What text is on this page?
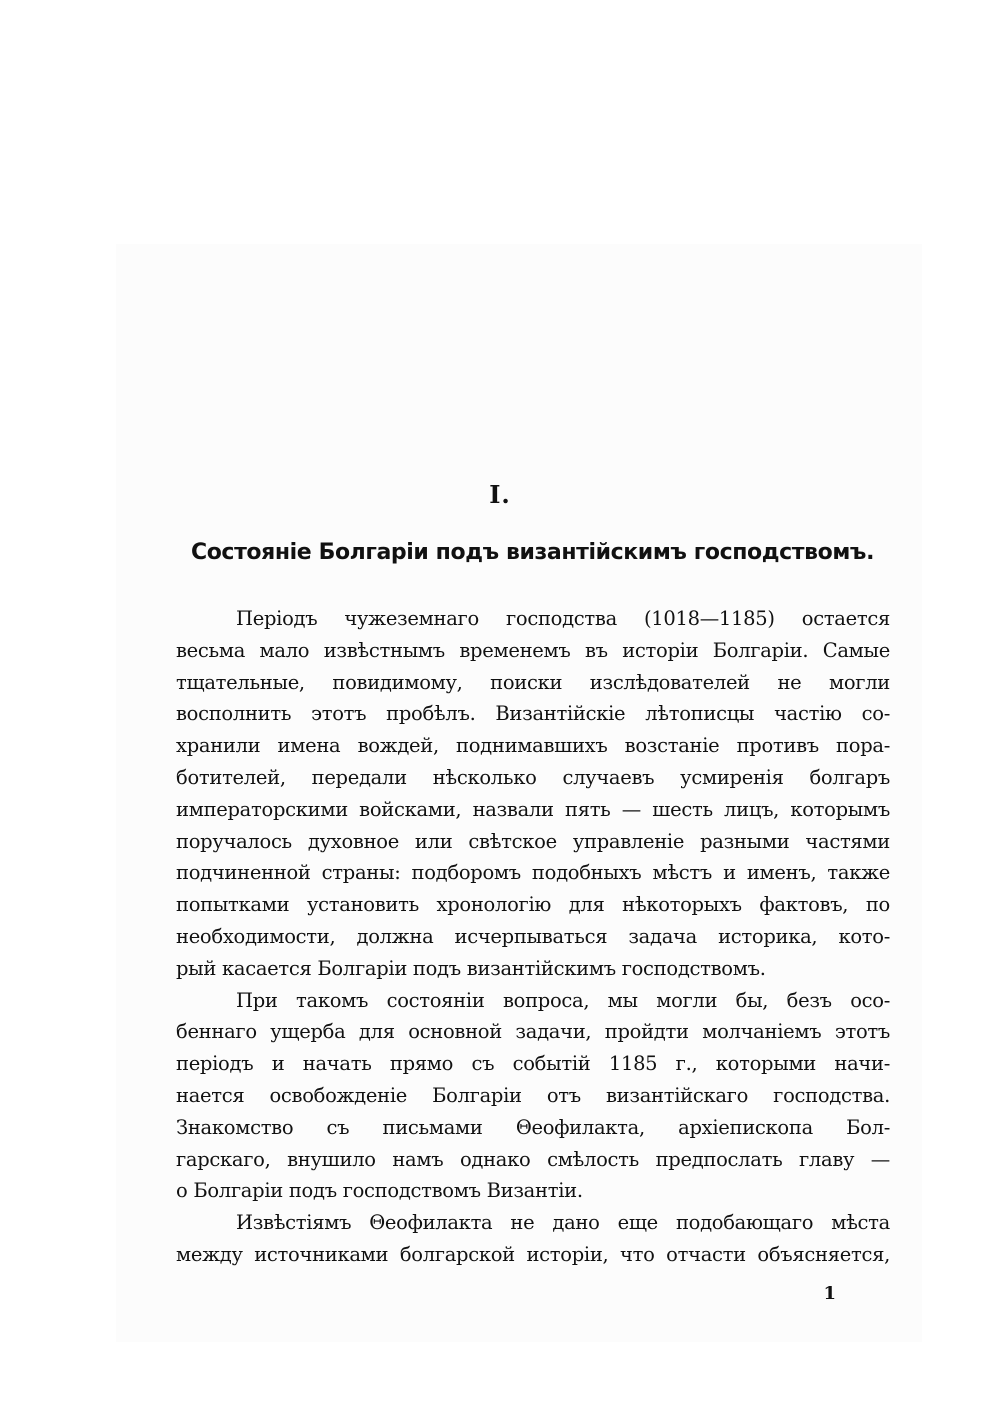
I.
Состояніе Болгаріи подъ византійскимъ господствомъ.
Періодъ чужеземнаго господства (1018—1185) остается
весьма мало извѣстнымъ временемъ въ исторіи Болгаріи. Самые
тщательные, повидимому, поиски изслѣдователей не могли
восполнить этотъ пробѣлъ. Византійскіе лѣтописцы частію со-
хранили имена вождей, поднимавшихъ возстаніе противъ пора-
ботителей, передали нѣсколько случаевъ усмиренія болгаръ
императорскими войсками, назвали пять — шесть лицъ, которымъ
поручалось духовное или свѣтское управленіе разными частями
подчиненной страны: подборомъ подобныхъ мѣстъ и именъ, также
попытками установить хронологію для нѣкоторыхъ фактовъ, по
необходимости, должна исчерпываться задача историка, кото-
рый касается Болгаріи подъ византійскимъ господствомъ.
При такомъ состояніи вопроса, мы могли бы, безъ осо-
беннаго ущерба для основной задачи, пройдти молчаніемъ этотъ
періодъ и начать прямо съ событій 1185 г., которыми начи-
нается освобожденіе Болгаріи отъ византійскаго господства.
Знакомство съ письмами Θеофилакта, архіепископа Бол-
гарскаго, внушило намъ однако смѣлость предпослать главу —
о Болгаріи подъ господствомъ Византіи.
Извѣстіямъ Θеофилакта не дано еще подобающаго мѣста
между источниками болгарской исторіи, что отчасти объясняется,
1
